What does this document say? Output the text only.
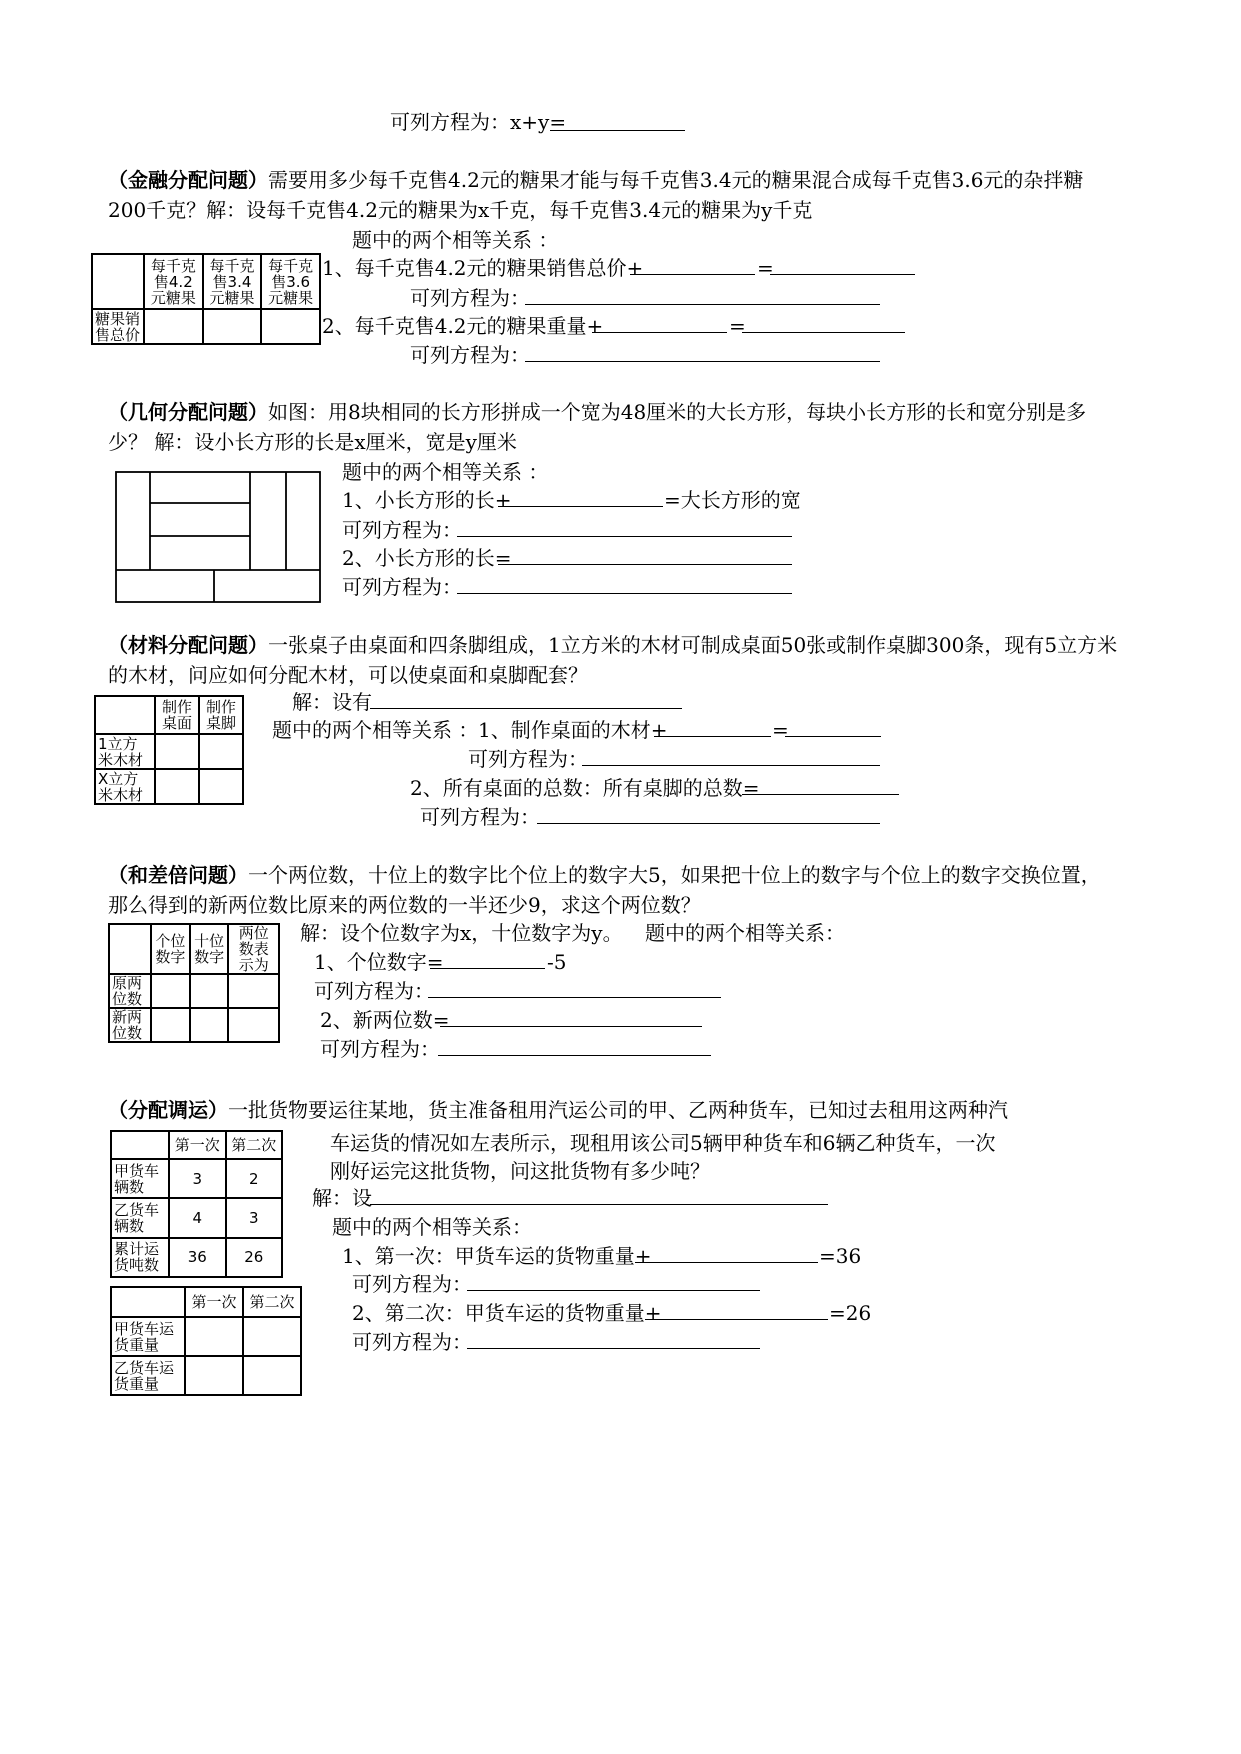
可列方程为：x+y=
（金融分配问题）需要用多少每千克售4.2元的糖果才能与每千克售3.4元的糖果混合成每千克售3.6元的杂拌糖200千克？解：设每千克售4.2元的糖果为x千克，每千克售3.4元的糖果为y千克
题中的两个相等关系 ：
	每千克售4.2元糖果	每千克售3.4元糖果	每千克售3.6元糖果
糖果销售总价			
1、每千克售4.2元的糖果销售总价+	=
可列方程为：
2、每千克售4.2元的糖果重量+	=
可列方程为：
（几何分配问题）如图：用8块相同的长方形拼成一个宽为48厘米的大长方形，每块小长方形的长和宽分别是多少？ 解：设小长方形的长是x厘米，宽是y厘米
题中的两个相等关系 ：
1、小长方形的长+	=大长方形的宽
可列方程为：
2、小长方形的长=
可列方程为：
（材料分配问题）一张桌子由桌面和四条脚组成，1立方米的木材可制成桌面50张或制作桌脚300条，现有5立方米的木材，问应如何分配木材，可以使桌面和桌脚配套？
	制作桌面	制作桌脚
1立方米木材		
X立方米木材		
解：设有
题中的两个相等关系 ： 1、制作桌面的木材+	=
可列方程为：
2、所有桌面的总数：所有桌脚的总数=
可列方程为：
（和差倍问题）一个两位数，十位上的数字比个位上的数字大5，如果把十位上的数字与个位上的数字交换位置，那么得到的新两位数比原来的两位数的一半还少9，求这个两位数？
	个位数字	十位数字	两位数表示为
原两位数			
新两位数			
解：设个位数字为x，十位数字为y。 题中的两个相等关系：
1、个位数字=	-5
可列方程为：
2、新两位数=
可列方程为：
（分配调运）一批货物要运往某地，货主准备租用汽运公司的甲、乙两种货车，已知过去租用这两种汽
车运货的情况如左表所示，现租用该公司5辆甲种货车和6辆乙种货车，一次
刚好运完这批货物，问这批货物有多少吨？
	第一次	第二次
甲货车辆数	3	2
乙货车辆数	4	3
累计运货吨数	36	26
	第一次	第二次
甲货车运货重量		
乙货车运货重量		
解：设
题中的两个相等关系：
1、第一次：甲货车运的货物重量+	=36
可列方程为：
2、第二次：甲货车运的货物重量+	=26
可列方程为：
